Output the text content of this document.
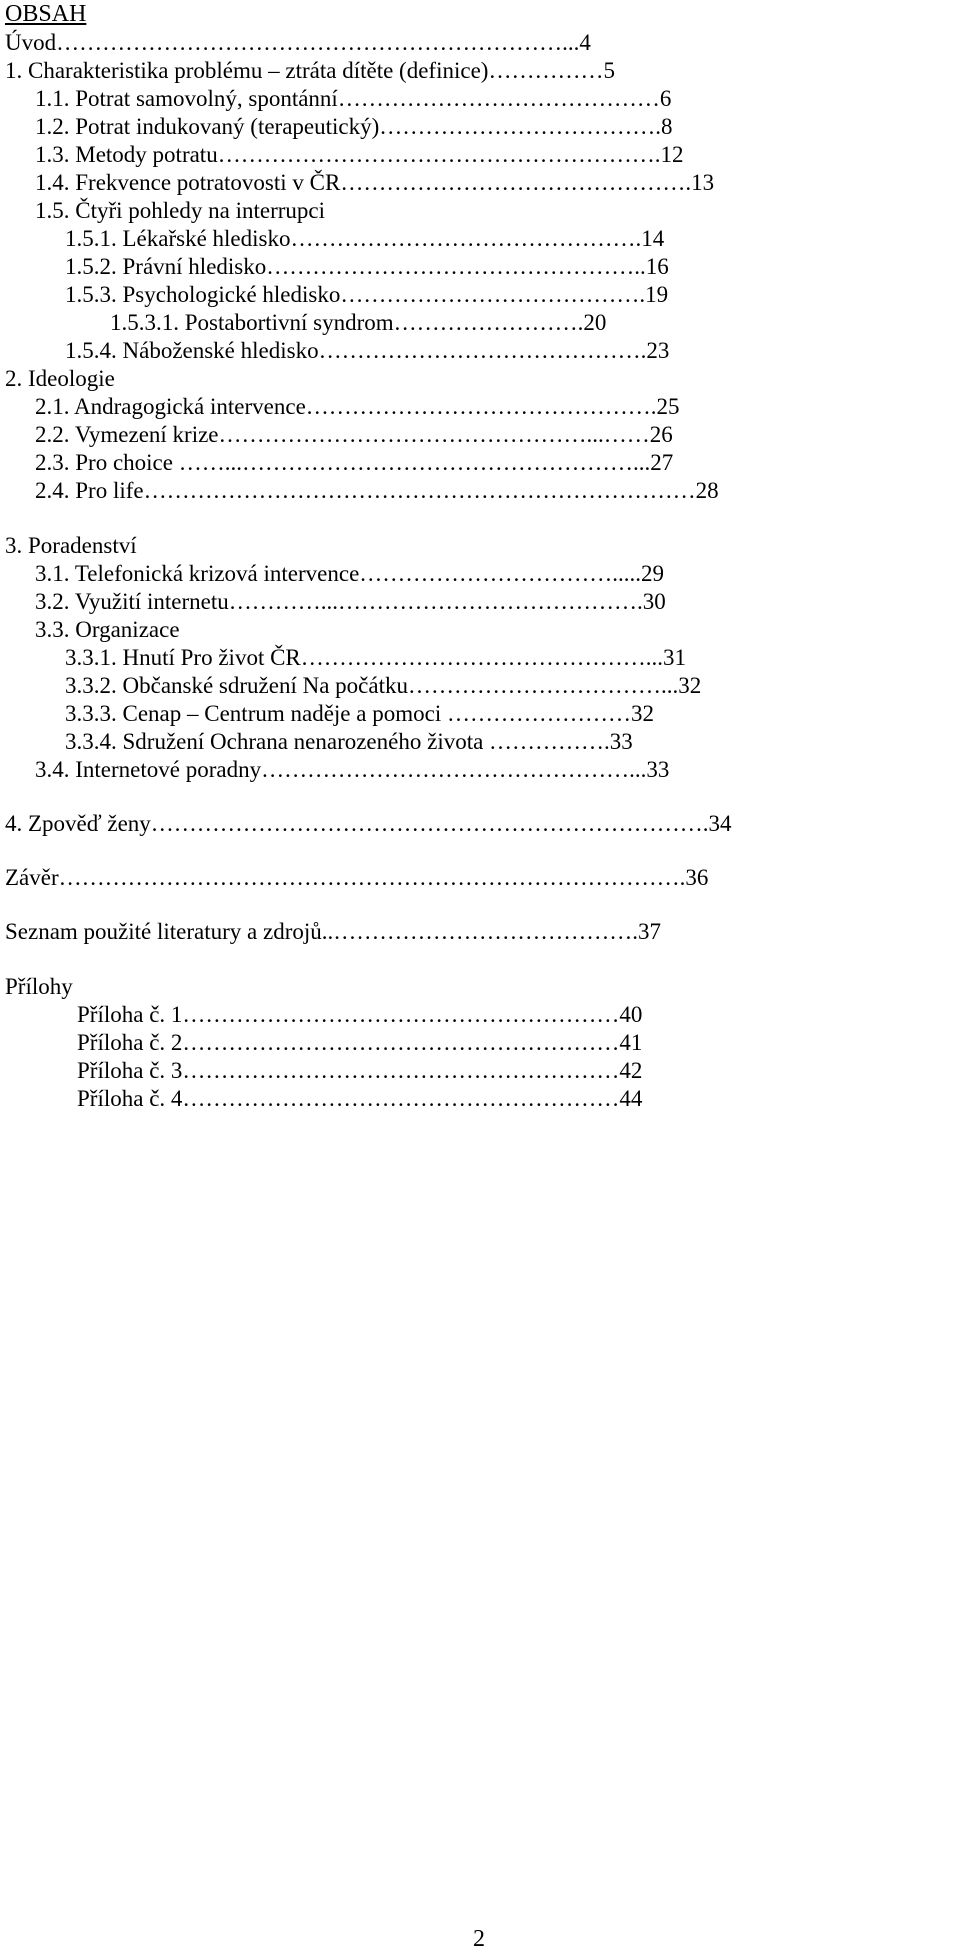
OBSAH
Úvod…………………………………………………………...4
1. Charakteristika problému – ztráta dítěte (definice)……………5
1.1. Potrat samovolný, spontánní……………………………………6
1.2. Potrat indukovaný (terapeutický)……………………………….8
1.3. Metody potratu………………………………………………….12
1.4. Frekvence potratovosti v ČR……………………………………….13
1.5. Čtyři pohledy na interrupci
1.5.1. Lékařské hledisko……………………………………….14
1.5.2. Právní hledisko…………………………………………..16
1.5.3. Psychologické hledisko………………………………….19
1.5.3.1. Postabortivní syndrom…………………….20
1.5.4. Náboženské hledisko…………………………………….23
2. Ideologie
2.1. Andragogická intervence……………………………………….25
2.2. Vymezení krize…………………………………………...……26
2.3. Pro choice ……...……………………………………………...27
2.4. Pro life………………………………………………………………28
3. Poradenství
3.1. Telefonická krizová intervence…………………………….....29
3.2. Využití internetu…………...………………………………….30
3.3. Organizace
3.3.1. Hnutí Pro život ČR………………………………………...31
3.3.2. Občanské sdružení Na počátku……………………………...32
3.3.3. Cenap – Centrum naděje a pomoci ……………………32
3.3.4. Sdružení Ochrana nenarozeného života …………….33
3.4. Internetové poradny…………………………………………...33
4. Zpověď ženy……………………………………………………………….34
Závěr……………………………………………………………………….36
Seznam použité literatury a zdrojů..………………………………….37
Přílohy
Příloha č. 1…………………………………………………40
Příloha č. 2…………………………………………………41
Příloha č. 3…………………………………………………42
Příloha č. 4…………………………………………………44
2
